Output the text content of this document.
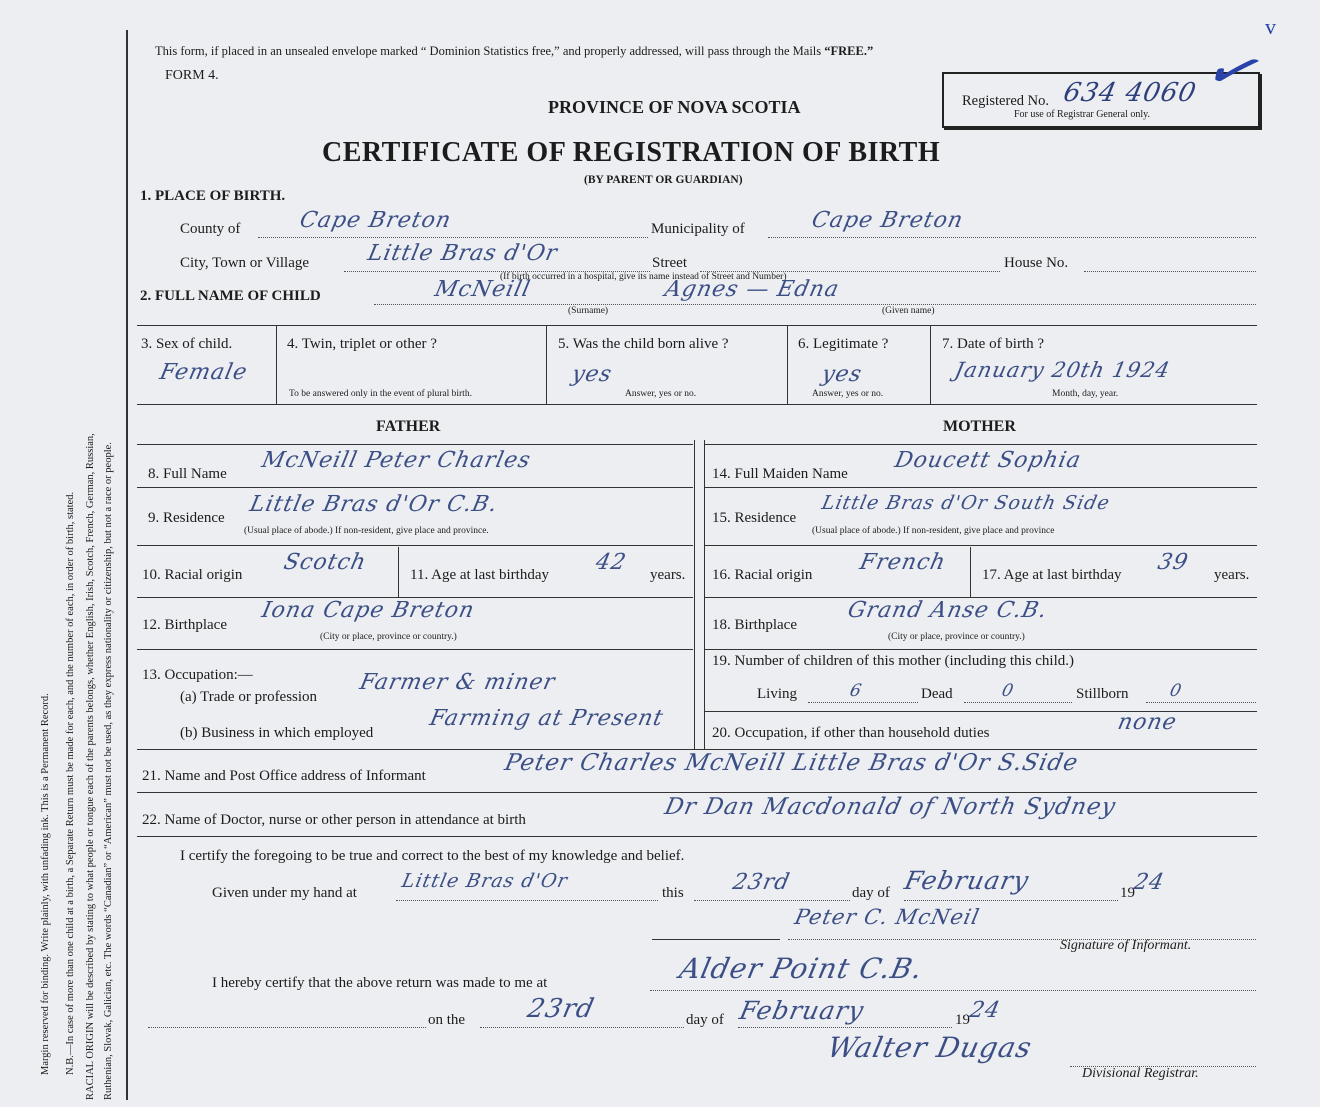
Margin reserved for binding. Write plainly, with unfading ink. This is a Permanent Record. N.B.—In case of more than one child at a birth, a Separate Return must be made for each, and the number of each, in order of birth, stated. RACIAL ORIGIN will be described by stating to what people or tongue each of the parents belongs, whether English, Irish, Scotch, French, German, Russian, Ruthenian, Slovak, Galician, etc. The words “Canadian” or “American” must not be used, as they express nationality or citizenship, but not a race or people.
This form, if placed in an unsealed envelope marked “ Dominion Statistics free,” and properly addressed, will pass through the Mails “FREE.”
FORM 4.
PROVINCE OF NOVA SCOTIA
CERTIFICATE OF REGISTRATION OF BIRTH
(BY PARENT OR GUARDIAN)
Registered No. 634 4060
For use of Registrar General only.
✓
v
1. PLACE OF BIRTH.
County of	Cape Breton	Municipality of	Cape Breton
City, Town or Village	Little Bras d'Or	Street	House No.
(If birth occurred in a hospital, give its name instead of Street and Number)
2. FULL NAME OF CHILD	McNeill	Agnes — Edna
(Surname)	(Given name)
3. Sex of child.
Female
4. Twin, triplet or other ?
To be answered only in the event of plural birth.
5. Was the child born alive ?
yes
Answer, yes or no.
6. Legitimate ?
yes
Answer, yes or no.
7. Date of birth ?
January 20th 1924
Month, day, year.
FATHER	MOTHER
8. Full Name
McNeill Peter Charles
9. Residence
Little Bras d'Or C.B.
(Usual place of abode.) If non-resident, give place and province.
10. Racial origin Scotch	11. Age at last birthday 42 years.
12. Birthplace
Iona Cape Breton
(City or place, province or country.)
13. Occupation:—
(a) Trade or profession
Farmer & miner
(b) Business in which employed
Farming at Present
14. Full Maiden Name
Doucett Sophia
15. Residence
Little Bras d'Or South Side
(Usual place of abode.) If non-resident, give place and province
16. Racial origin French 17. Age at last birthday 39 years.
18. Birthplace
Grand Anse C.B.
(City or place, province or country.)
19. Number of children of this mother (including this child.)
Living	6	Dead	0	Stillborn 0
20. Occupation, if other than household duties	none
21. Name and Post Office address of Informant	Peter Charles McNeill Little Bras d'Or S.Side
22. Name of Doctor, nurse or other person in attendance at birth	Dr Dan Macdonald of North Sydney
I certify the foregoing to be true and correct to the best of my knowledge and belief.
Given under my hand at
Little Bras d'Or
this 23rd	day of February	19
24
Peter C. McNeil
Signature of Informant.
I hereby certify that the above return was made to me at	Alder Point C.B.
on the 23rd	day of February	19
24
Walter Dugas
Divisional Registrar.
